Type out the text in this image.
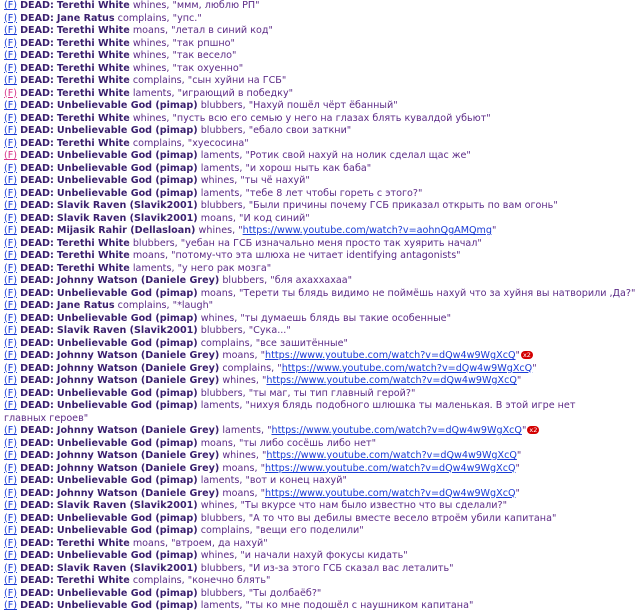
(F) DEAD: Terethi White whines, "ммм, люблю РП"
(F) DEAD: Jane Ratus complains, "упс."
(F) DEAD: Terethi White moans, "летал в синий код"
(F) DEAD: Terethi White whines, "так рпшно"
(F) DEAD: Terethi White whines, "так весело"
(F) DEAD: Terethi White whines, "так охуенно"
(F) DEAD: Terethi White complains, "сын хуйни на ГСБ"
(F) DEAD: Terethi White laments, "играющий в победку"
(F) DEAD: Unbelievable God (pimap) blubbers, "Нахуй пошёл чёрт ёбанный"
(F) DEAD: Terethi White whines, "пусть всю его семью у него на глазах блять кувалдой убьют"
(F) DEAD: Unbelievable God (pimap) blubbers, "ебало свои заткни"
(F) DEAD: Terethi White complains, "хуесосина"
(F) DEAD: Unbelievable God (pimap) laments, "Ротик свой нахуй на нолик сделал щас же"
(F) DEAD: Unbelievable God (pimap) laments, "и хорош ныть как баба"
(F) DEAD: Unbelievable God (pimap) whines, "ты чё нахуй"
(F) DEAD: Unbelievable God (pimap) laments, "тебе 8 лет чтобы гореть с этого?"
(F) DEAD: Slavik Raven (Slavik2001) blubbers, "Были причины почему ГСБ приказал открыть по вам огонь"
(F) DEAD: Slavik Raven (Slavik2001) moans, "И код синий"
(F) DEAD: Mijasik Rahir (Dellasloan) whines, "https://www.youtube.com/watch?v=aohnQgAMQmg"
(F) DEAD: Terethi White blubbers, "уебан на ГСБ изначально меня просто так хуярить начал"
(F) DEAD: Terethi White moans, "потому-что эта шлюха не читает identifying antagonists"
(F) DEAD: Terethi White laments, "у него рак мозга"
(F) DEAD: Johnny Watson (Daniele Grey) blubbers, "бля ахаххахаа"
(F) DEAD: Unbelievable God (pimap) moans, "Терети ты блядь видимо не поймёшь нахуй что за хуйня вы натворили ,Да?"
(F) DEAD: Jane Ratus complains, "*laugh"
(F) DEAD: Unbelievable God (pimap) whines, "ты думаешь блядь вы такие особенные"
(F) DEAD: Slavik Raven (Slavik2001) blubbers, "Сука..."
(F) DEAD: Unbelievable God (pimap) complains, "все зашитённые"
(F) DEAD: Johnny Watson (Daniele Grey) moans, "https://www.youtube.com/watch?v=dQw4w9WgXcQ" x2
(F) DEAD: Johnny Watson (Daniele Grey) complains, "https://www.youtube.com/watch?v=dQw4w9WgXcQ"
(F) DEAD: Johnny Watson (Daniele Grey) whines, "https://www.youtube.com/watch?v=dQw4w9WgXcQ"
(F) DEAD: Unbelievable God (pimap) blubbers, "ты маг, ты тип главный герой?"
(F) DEAD: Unbelievable God (pimap) laments, "нихуя блядь подобного шлюшка ты маленькая. В этой игре нет главных героев"
(F) DEAD: Johnny Watson (Daniele Grey) laments, "https://www.youtube.com/watch?v=dQw4w9WgXcQ" x2
(F) DEAD: Unbelievable God (pimap) moans, "ты либо сосёшь либо нет"
(F) DEAD: Johnny Watson (Daniele Grey) whines, "https://www.youtube.com/watch?v=dQw4w9WgXcQ"
(F) DEAD: Johnny Watson (Daniele Grey) moans, "https://www.youtube.com/watch?v=dQw4w9WgXcQ"
(F) DEAD: Unbelievable God (pimap) laments, "вот и конец нахуй"
(F) DEAD: Johnny Watson (Daniele Grey) moans, "https://www.youtube.com/watch?v=dQw4w9WgXcQ"
(F) DEAD: Slavik Raven (Slavik2001) whines, "Ты вкурсе что нам было известно что вы сделали?"
(F) DEAD: Unbelievable God (pimap) blubbers, "А то что вы дебилы вместе весело втроём убили капитана"
(F) DEAD: Unbelievable God (pimap) complains, "вещи его поделили"
(F) DEAD: Terethi White moans, "втроем, да нахуй"
(F) DEAD: Unbelievable God (pimap) whines, "и начали нахуй фокусы кидать"
(F) DEAD: Slavik Raven (Slavik2001) blubbers, "И из-за этого ГСБ сказал вас леталить"
(F) DEAD: Terethi White complains, "конечно блять"
(F) DEAD: Unbelievable God (pimap) blubbers, "Ты долбаёб?"
(F) DEAD: Unbelievable God (pimap) laments, "ты ко мне подошёл с наушником капитана"
